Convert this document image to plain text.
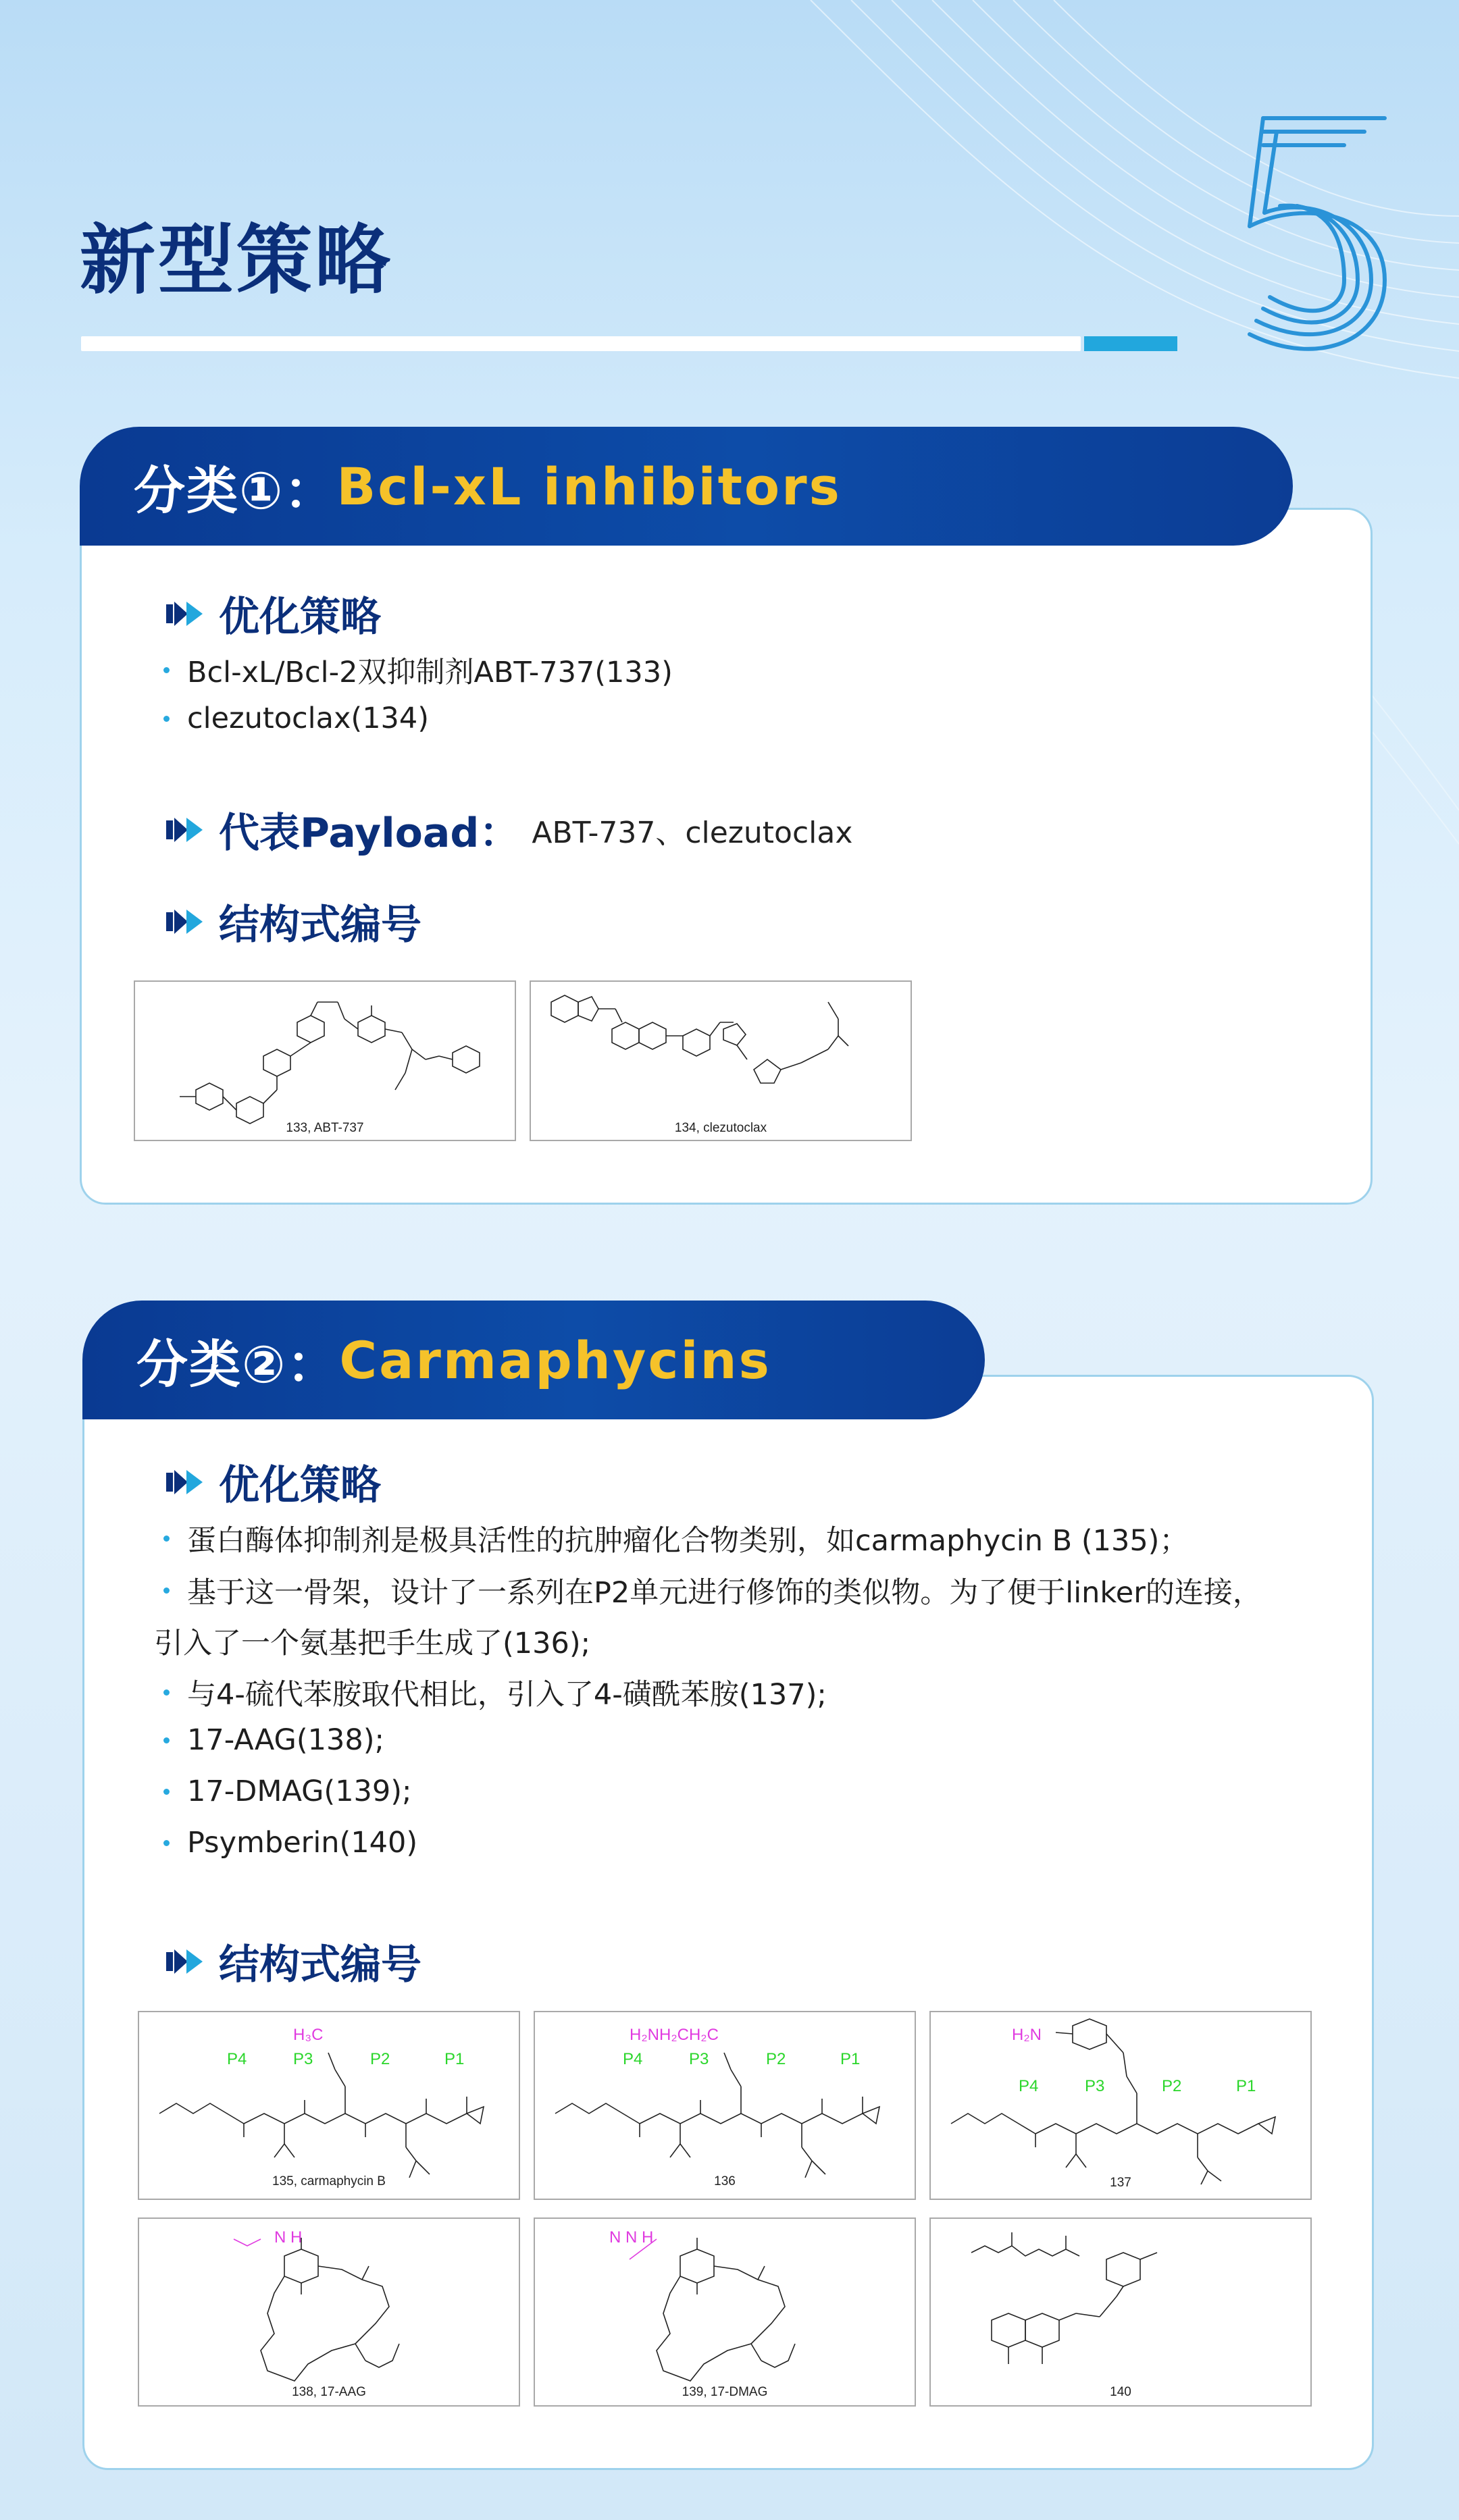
新型策略
分类①： Bcl-xL inhibitors
优化策略
Bcl-xL/Bcl-2双抑制剂ABT-737(133)
clezutoclax(134)
代表Payload： ABT-737、clezutoclax
结构式编号
133, ABT-737	134, clezutoclax
分类②： Carmaphycins
优化策略
蛋白酶体抑制剂是极具活性的抗肿瘤化合物类别，如carmaphycin B (135)；
基于这一骨架，设计了一系列在P2单元进行修饰的类似物。为了便于linker的连接，
引入了一个氨基把手生成了(136);
与4-硫代苯胺取代相比，引入了4-磺酰苯胺(137);
17-AAG(138);
17-DMAG(139);
Psymberin(140)
结构式编号
H₃C
P4	P3	P2	P1
135, carmaphycin B
H₂NH₂CH₂C
P4	P3	P2	P1
136
H₂N
P4	P3	P2	P1
137
N H
138, 17-AAG
N N H
139, 17-DMAG	140
